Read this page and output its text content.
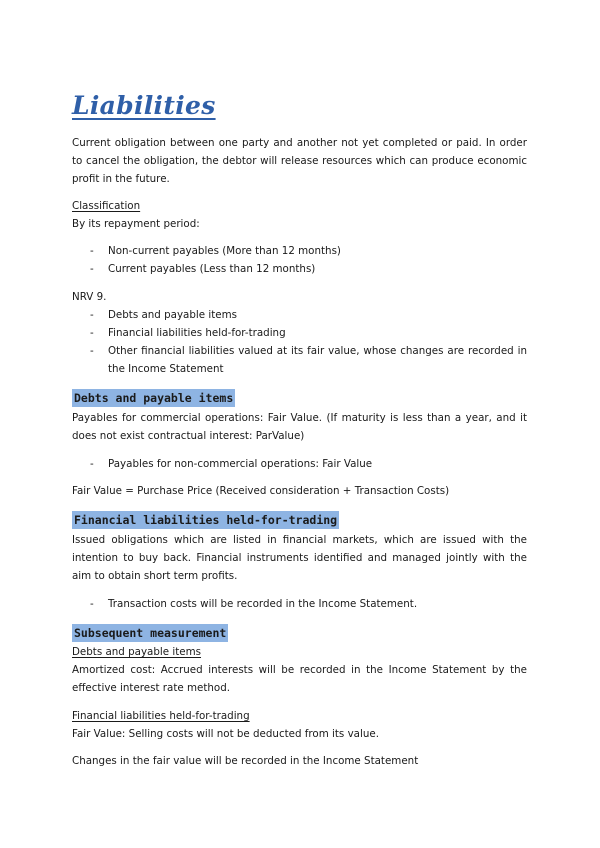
Liabilities

Current obligation between one party and another not yet completed or paid. In order to cancel the obligation, the debtor will release resources which can produce economic profit in the future.

Classification

By its repayment period:

-	Non-current payables (More than 12 months)
-	Current payables (Less than 12 months)

NRV 9.

-	Debts and payable items
-	Financial liabilities held-for-trading
-	Other financial liabilities valued at its fair value, whose changes are recorded in the Income Statement
Debts and payable items

Payables for commercial operations: Fair Value. (If maturity is less than a year, and it does not exist contractual interest: ParValue)

-	Payables for non-commercial operations: Fair Value

Fair Value = Purchase Price (Received consideration + Transaction Costs)

Financial liabilities held-for-trading

Issued obligations which are listed in financial markets, which are issued with the intention to buy back. Financial instruments identified and managed jointly with the aim to obtain short term profits.

-	Transaction costs will be recorded in the Income Statement.
Subsequent measurement

Debts and payable items

Amortized cost: Accrued interests will be recorded in the Income Statement by the effective interest rate method.

Financial liabilities held-for-trading

Fair Value: Selling costs will not be deducted from its value.

Changes in the fair value will be recorded in the Income Statement
